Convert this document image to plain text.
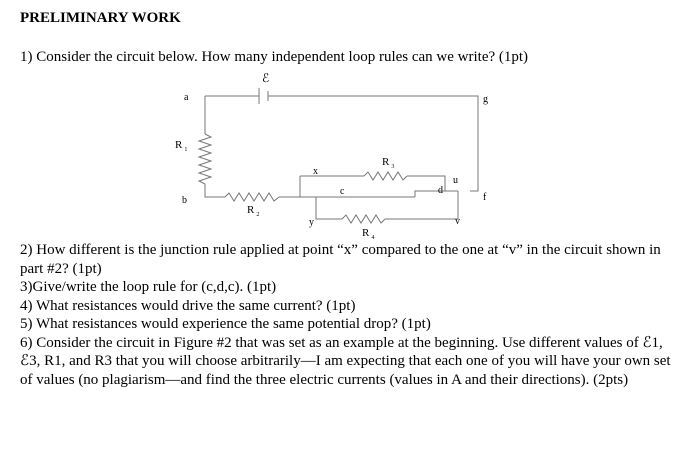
PRELIMINARY WORK
1) Consider the circuit below. How many independent loop rules can we write? (1pt)
ℰ
a	g
b
x
c	d
u
f
y	v
R $_1$
R $_2$
R $_3$
R $_4$

2) How different is the junction rule applied at point “x” compared to the one at “v” in the circuit shown in part #2? (1pt)

3)Give/write the loop rule for (c,d,c). (1pt)

4) What resistances would drive the same current? (1pt)

5) What resistances would experience the same potential drop? (1pt)

6) Consider the circuit in Figure #2 that was set as an example at the beginning. Use different values of ℰ1, ℰ3, R1, and R3 that you will choose arbitrarily—I am expecting that each one of you will have your own set of values (no plagiarism—and find the three electric currents (values in A and their directions). (2pts)
